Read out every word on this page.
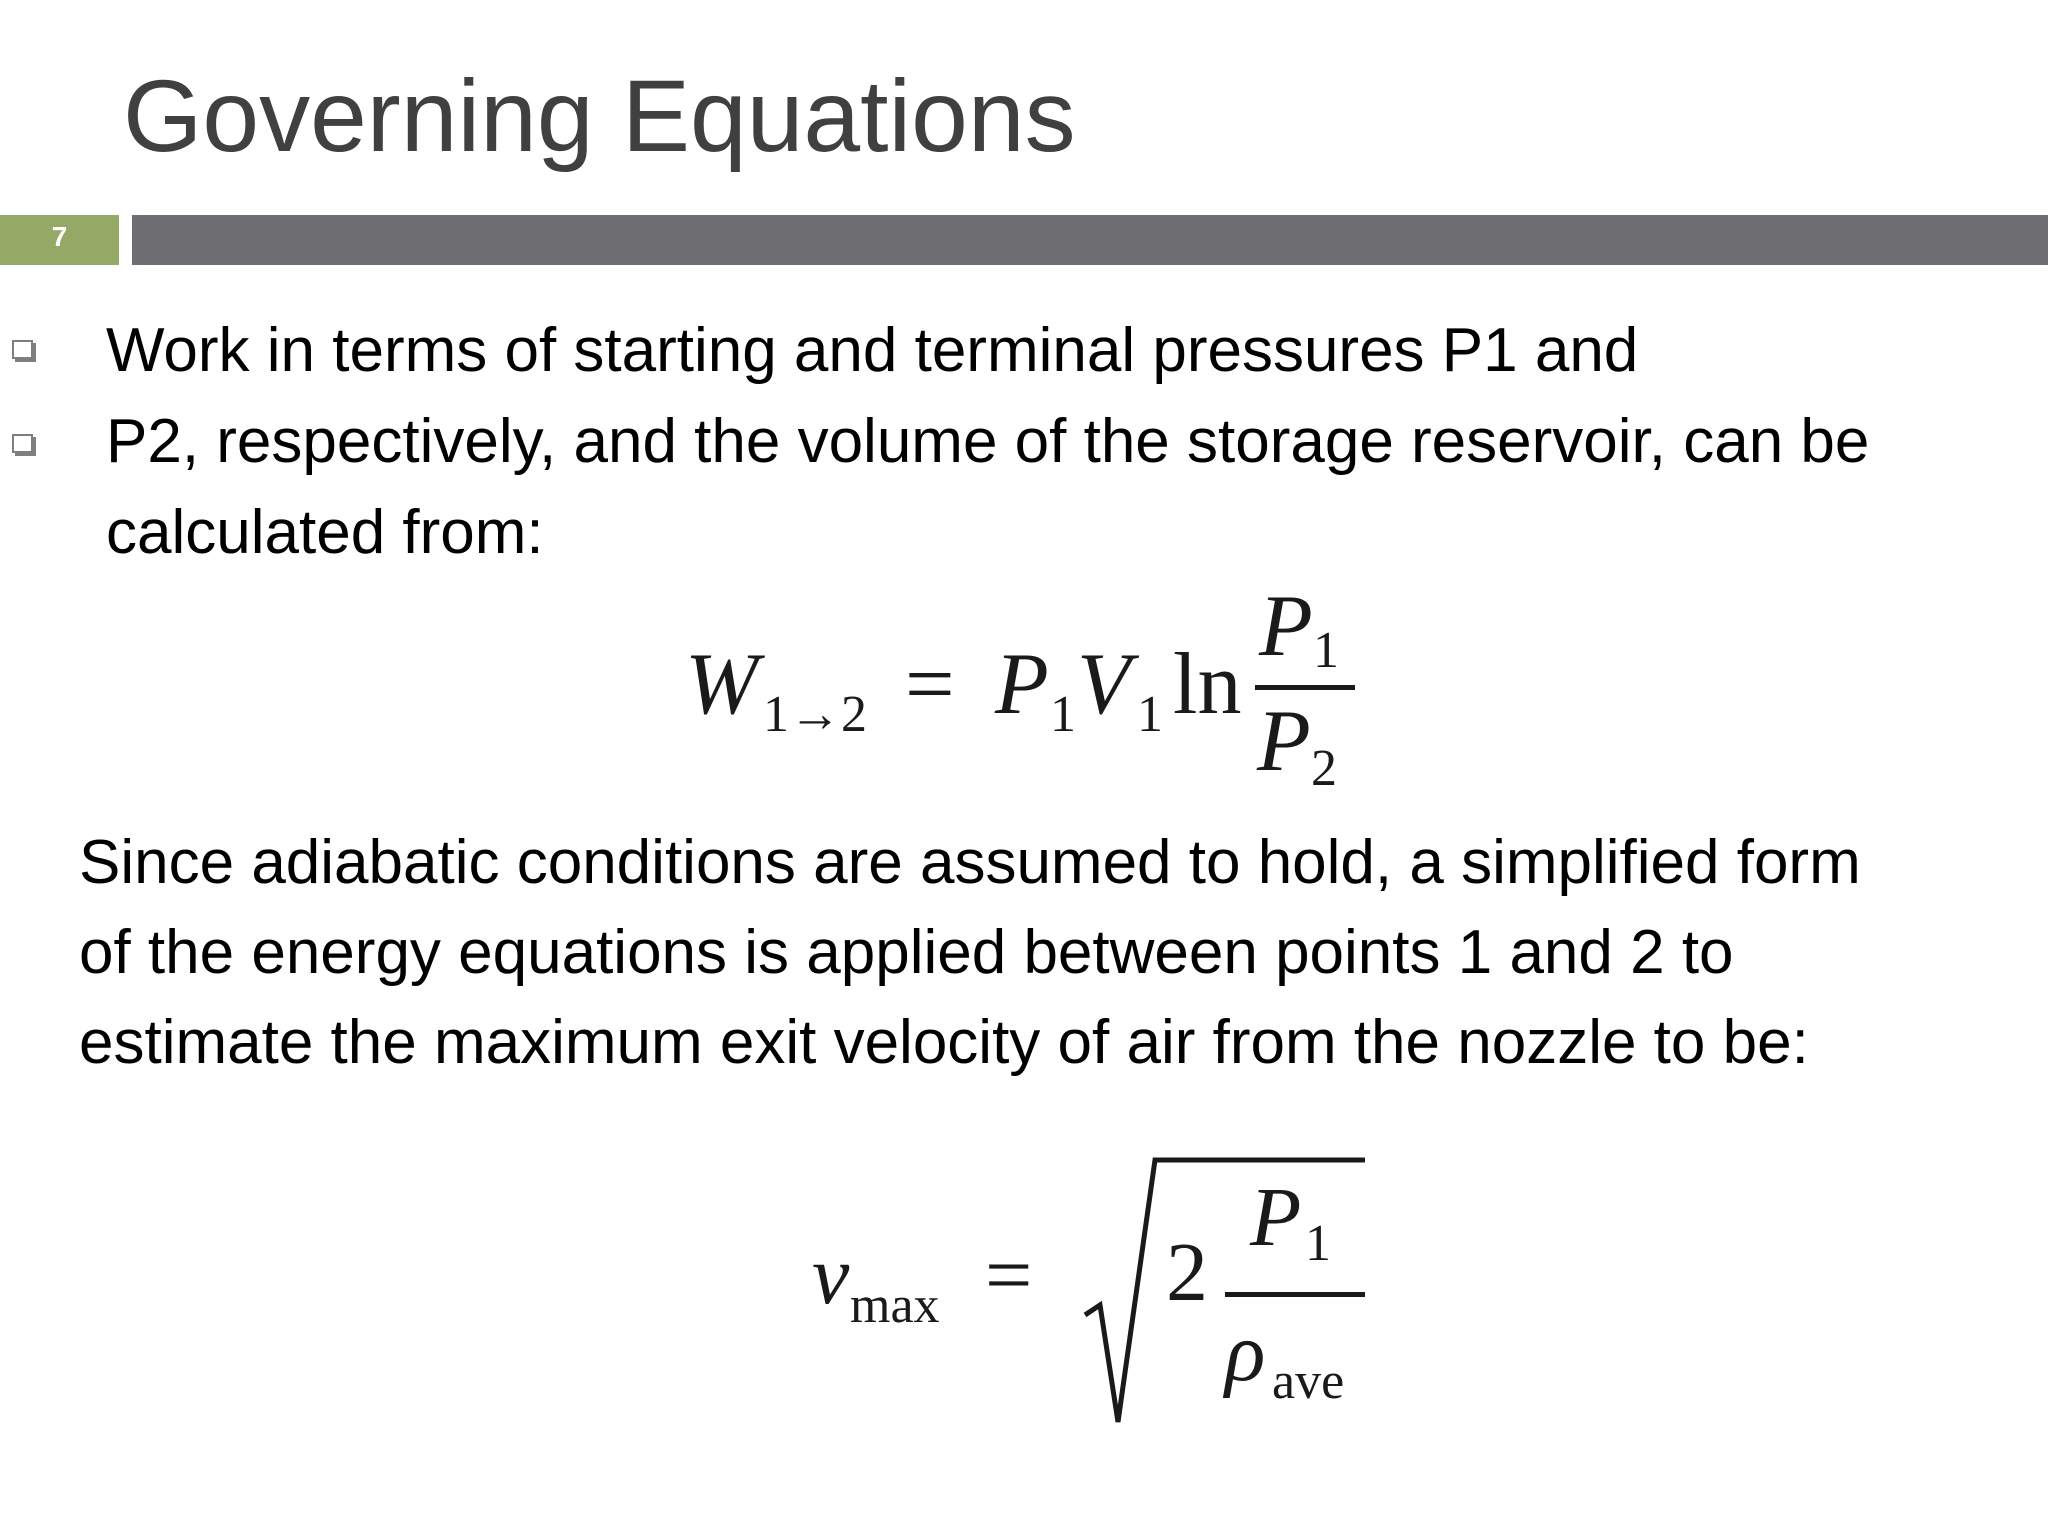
Governing Equations
7
Work in terms of starting and terminal pressures P1 and
P2, respectively, and the volume of the storage reservoir, can be
calculated from:
W 1→2 = P 1 V 1 ln
P 1
P 2
Since adiabatic conditions are assumed to hold, a simplified form
of the energy equations is applied between points 1 and 2 to
estimate the maximum exit velocity of air from the nozzle to be:
v max = 2
P 1
ρ ave
